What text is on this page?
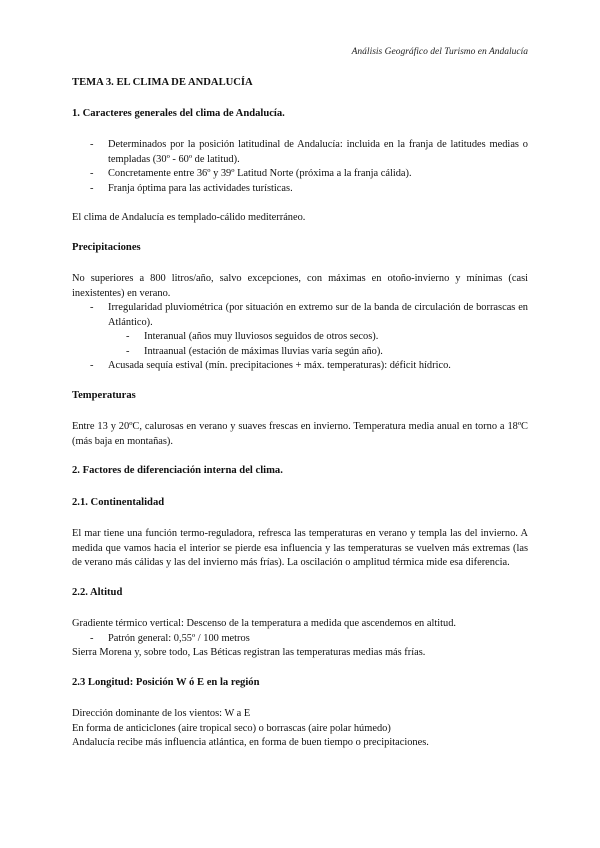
Análisis Geográfico del Turismo en Andalucía

TEMA 3. EL CLIMA DE ANDALUCÍA

1. Caracteres generales del clima de Andalucía.

- Determinados por la posición latitudinal de Andalucía: incluida en la franja de latitudes medias o templadas (30º - 60º de latitud).
- Concretamente entre 36º y 39º Latitud Norte (próxima a la franja cálida).
- Franja óptima para las actividades turísticas.

El clima de Andalucía es templado-cálido mediterráneo.

Precipitaciones

No superiores a 800 litros/año, salvo excepciones, con máximas en otoño-invierno y mínimas (casi inexistentes) en verano.

- Irregularidad pluviométrica (por situación en extremo sur de la banda de circulación de borrascas en Atlántico).
- Interanual (años muy lluviosos seguidos de otros secos).
- Intraanual (estación de máximas lluvias varía según año).
- Acusada sequía estival (mín. precipitaciones + máx. temperaturas): déficit hídrico.

Temperaturas

Entre 13 y 20ºC, calurosas en verano y suaves frescas en invierno. Temperatura media anual en torno a 18ºC (más baja en montañas).

2. Factores de diferenciación interna del clima.

2.1. Continentalidad

El mar tiene una función termo-reguladora, refresca las temperaturas en verano y templa las del invierno. A medida que vamos hacia el interior se pierde esa influencia y las temperaturas se vuelven más extremas (las de verano más cálidas y las del invierno más frías). La oscilación o amplitud térmica mide esa diferencia.

2.2. Altitud

Gradiente térmico vertical: Descenso de la temperatura a medida que ascendemos en altitud.

- Patrón general: 0,55º / 100 metros

Sierra Morena y, sobre todo, Las Béticas registran las temperaturas medias más frías.

2.3 Longitud: Posición W ó E en la región

Dirección dominante de los vientos: W a E

En forma de anticiclones (aire tropical seco) o borrascas (aire polar húmedo)

Andalucía recibe más influencia atlántica, en forma de buen tiempo o precipitaciones.
